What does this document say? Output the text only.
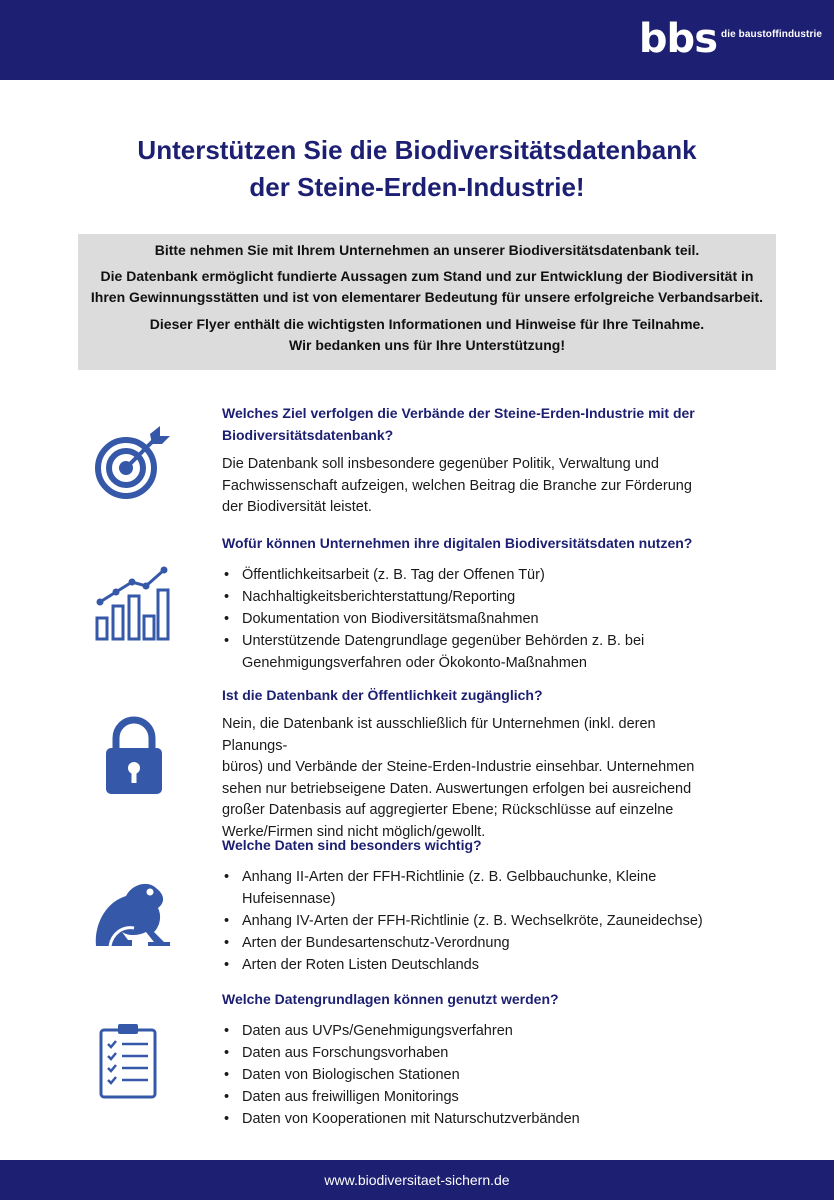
bbs die baustoffindustrie
Unterstützen Sie die Biodiversitätsdatenbank
der Steine-Erden-Industrie!

Bitte nehmen Sie mit Ihrem Unternehmen an unserer Biodiversitätsdatenbank teil.

Die Datenbank ermöglicht fundierte Aussagen zum Stand und zur Entwicklung der Biodiversität in

Ihren Gewinnungsstätten und ist von elementarer Bedeutung für unsere erfolgreiche Verbandsarbeit.

Dieser Flyer enthält die wichtigsten Informationen und Hinweise für Ihre Teilnahme.

Wir bedanken uns für Ihre Unterstützung!

Welches Ziel verfolgen die Verbände der Steine-Erden-Industrie mit der
Biodiversitätsdatenbank?
Die Datenbank soll insbesondere gegenüber Politik, Verwaltung und
Fachwissenschaft aufzeigen, welchen Beitrag die Branche zur Förderung
der Biodiversität leistet.
Wofür können Unternehmen ihre digitalen Biodiversitätsdaten nutzen?
• Öffentlichkeitsarbeit (z. B. Tag der Offenen Tür)
• Nachhaltigkeitsberichterstattung/Reporting
• Dokumentation von Biodiversitätsmaßnahmen
• Unterstützende Datengrundlage gegenüber Behörden z. B. bei
Genehmigungsverfahren oder Ökokonto-Maßnahmen
Ist die Datenbank der Öffentlichkeit zugänglich?
Nein, die Datenbank ist ausschließlich für Unternehmen (inkl. deren Planungs-
büros) und Verbände der Steine-Erden-Industrie einsehbar. Unternehmen
sehen nur betriebseigene Daten. Auswertungen erfolgen bei ausreichend
großer Datenbasis auf aggregierter Ebene; Rückschlüsse auf einzelne
Werke/Firmen sind nicht möglich/gewollt.
Welche Daten sind besonders wichtig?
• Anhang II-Arten der FFH-Richtlinie (z. B. Gelbbauchunke, Kleine
Hufeisennase)
• Anhang IV-Arten der FFH-Richtlinie (z. B. Wechselkröte, Zauneidechse)
• Arten der Bundesartenschutz-Verordnung
• Arten der Roten Listen Deutschlands
Welche Datengrundlagen können genutzt werden?
• Daten aus UVPs/Genehmigungsverfahren
• Daten aus Forschungsvorhaben
• Daten von Biologischen Stationen
• Daten aus freiwilligen Monitorings
• Daten von Kooperationen mit Naturschutzverbänden
www.biodiversitaet-sichern.de
